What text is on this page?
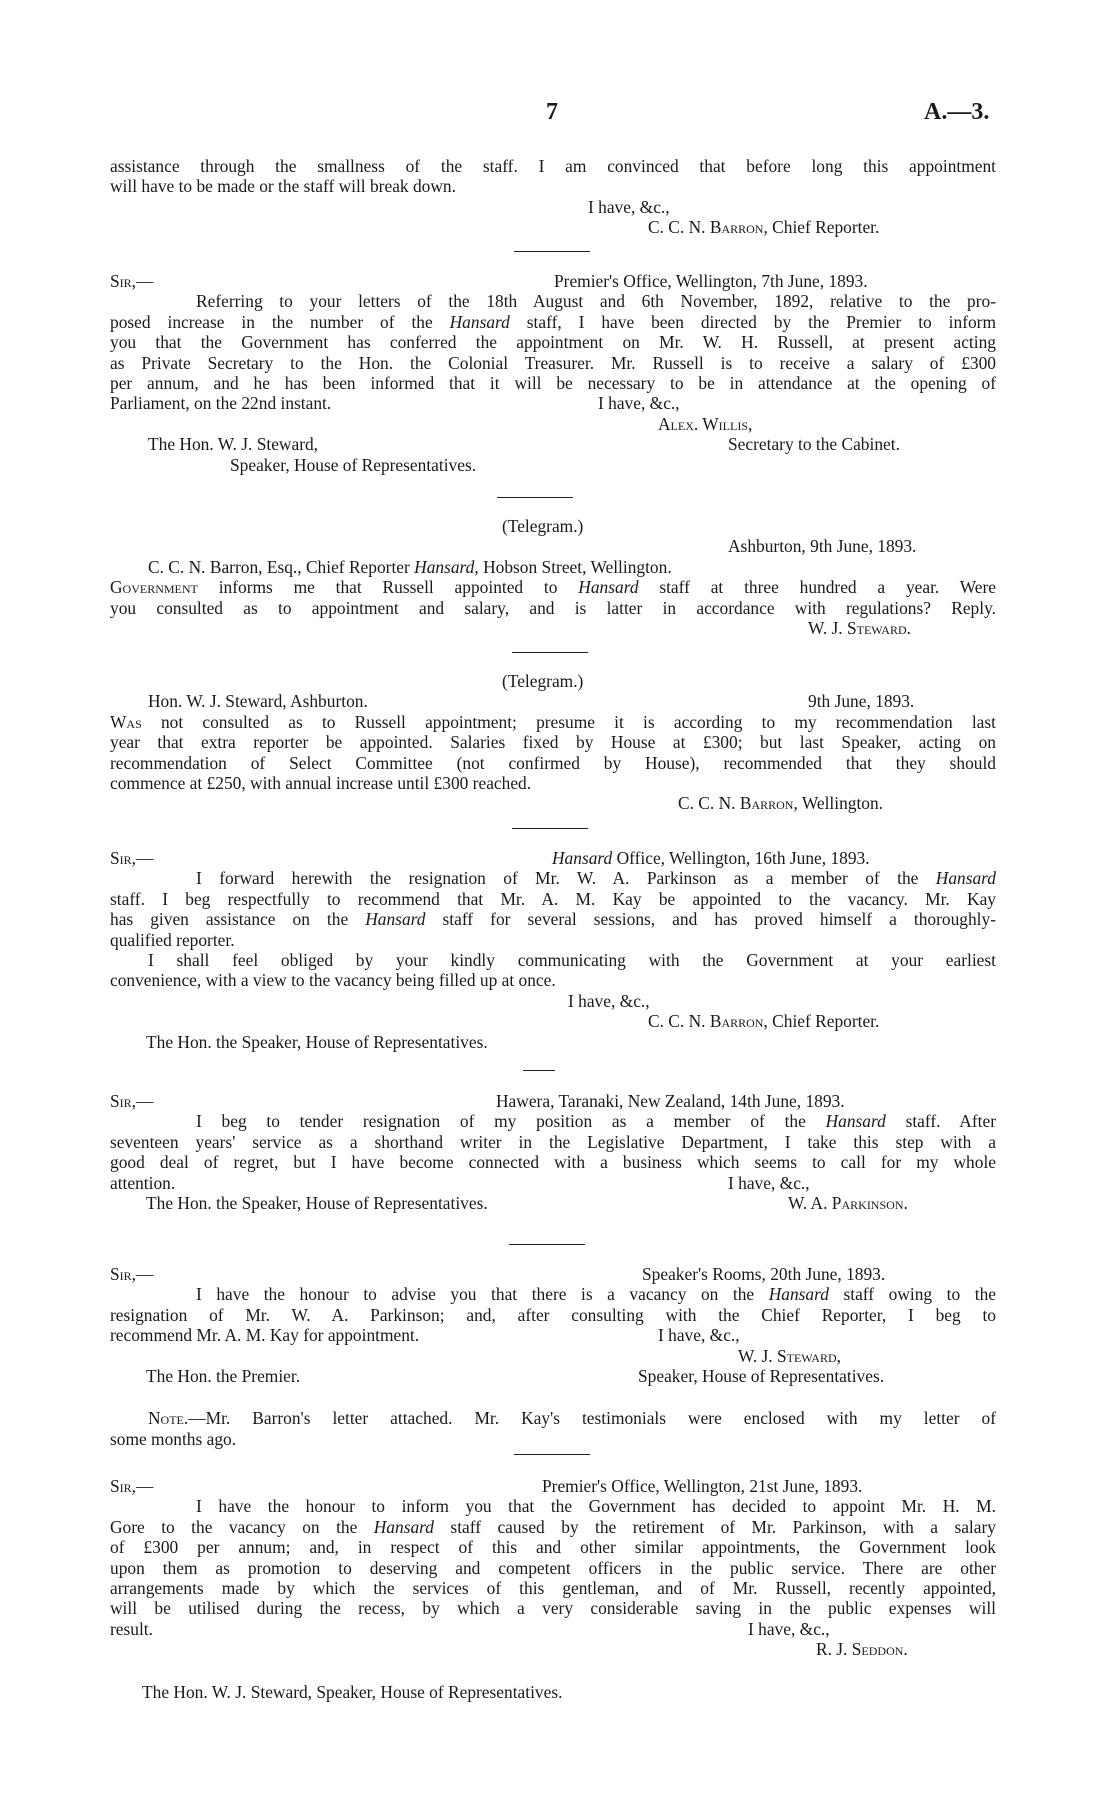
7	A.—3.
assistance through the smallness of the staff. I am convinced that before long this appointment
will have to be made or the staff will break down.
I have, &c.,
C. C. N. Barron, Chief Reporter.
Sir,—	Premier's Office, Wellington, 7th June, 1893.
Referring to your letters of the 18th August and 6th November, 1892, relative to the pro-
posed increase in the number of the Hansard staff, I have been directed by the Premier to inform
you that the Government has conferred the appointment on Mr. W. H. Russell, at present acting
as Private Secretary to the Hon. the Colonial Treasurer. Mr. Russell is to receive a salary of £300
per annum, and he has been informed that it will be necessary to be in attendance at the opening of
Parliament, on the 22nd instant.	I have, &c.,
Alex. Willis,
The Hon. W. J. Steward,	Secretary to the Cabinet.
Speaker, House of Representatives.
(Telegram.)
Ashburton, 9th June, 1893.
C. C. N. Barron, Esq., Chief Reporter Hansard, Hobson Street, Wellington.
Government informs me that Russell appointed to Hansard staff at three hundred a year. Were
you consulted as to appointment and salary, and is latter in accordance with regulations? Reply.
W. J. Steward.
(Telegram.)
Hon. W. J. Steward, Ashburton.	9th June, 1893.
Was not consulted as to Russell appointment; presume it is according to my recommendation last
year that extra reporter be appointed. Salaries fixed by House at £300; but last Speaker, acting on
recommendation of Select Committee (not confirmed by House), recommended that they should
commence at £250, with annual increase until £300 reached.
C. C. N. Barron, Wellington.
Sir,—	Hansard Office, Wellington, 16th June, 1893.
I forward herewith the resignation of Mr. W. A. Parkinson as a member of the Hansard
staff. I beg respectfully to recommend that Mr. A. M. Kay be appointed to the vacancy. Mr. Kay
has given assistance on the Hansard staff for several sessions, and has proved himself a thoroughly-
qualified reporter.
I shall feel obliged by your kindly communicating with the Government at your earliest
convenience, with a view to the vacancy being filled up at once.
I have, &c.,
C. C. N. Barron, Chief Reporter.
The Hon. the Speaker, House of Representatives.
Sir,—	Hawera, Taranaki, New Zealand, 14th June, 1893.
I beg to tender resignation of my position as a member of the Hansard staff. After
seventeen years' service as a shorthand writer in the Legislative Department, I take this step with a
good deal of regret, but I have become connected with a business which seems to call for my whole
attention.	I have, &c.,
The Hon. the Speaker, House of Representatives.	W. A. Parkinson.
Sir,—	Speaker's Rooms, 20th June, 1893.
I have the honour to advise you that there is a vacancy on the Hansard staff owing to the
resignation of Mr. W. A. Parkinson; and, after consulting with the Chief Reporter, I beg to
recommend Mr. A. M. Kay for appointment.	I have, &c.,
W. J. Steward,
The Hon. the Premier.	Speaker, House of Representatives.
Note.—Mr. Barron's letter attached. Mr. Kay's testimonials were enclosed with my letter of
some months ago.
Sir,—	Premier's Office, Wellington, 21st June, 1893.
I have the honour to inform you that the Government has decided to appoint Mr. H. M.
Gore to the vacancy on the Hansard staff caused by the retirement of Mr. Parkinson, with a salary
of £300 per annum; and, in respect of this and other similar appointments, the Government look
upon them as promotion to deserving and competent officers in the public service. There are other
arrangements made by which the services of this gentleman, and of Mr. Russell, recently appointed,
will be utilised during the recess, by which a very considerable saving in the public expenses will
result.	I have, &c.,
R. J. Seddon.
The Hon. W. J. Steward, Speaker, House of Representatives.
